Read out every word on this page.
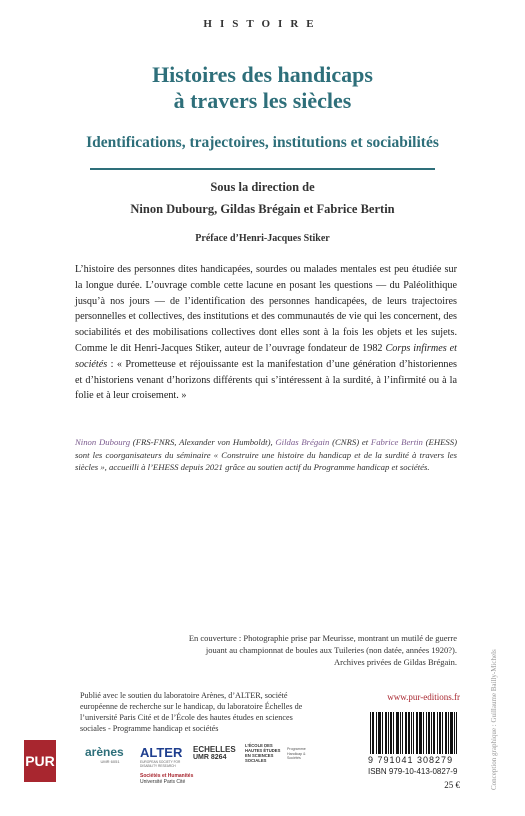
HISTOIRE
Histoires des handicaps
à travers les siècles
Identifications, trajectoires, institutions et sociabilités
Sous la direction de
Ninon Dubourg, Gildas Brégain et Fabrice Bertin
Préface d’Henri-Jacques Stiker
L’histoire des personnes dites handicapées, sourdes ou malades mentales est peu étudiée sur la longue durée. L’ouvrage comble cette lacune en posant les questions — du Paléolithique jusqu’à nos jours — de l’identification des personnes handicapées, de leurs trajectoires personnelles et collectives, des institutions et des communautés de vie qui les concernent, des sociabilités et des mobilisations collectives dont elles sont à la fois les objets et les sujets. Comme le dit Henri-Jacques Stiker, auteur de l’ouvrage fondateur de 1982 Corps infirmes et sociétés : « Prometteuse et réjouissante est la manifestation d’une génération d’historiennes et d’historiens venant d’horizons différents qui s’intéressent à la surdité, à l’infirmité ou à la folie et à leur croisement. »
Ninon Dubourg (FRS-FNRS, Alexander von Humboldt), Gildas Brégain (CNRS) et Fabrice Bertin (EHESS) sont les coorganisateurs du séminaire « Construire une histoire du handicap et de la surdité à travers les siècles », accueilli à l’EHESS depuis 2021 grâce au soutien actif du Programme handicap et sociétés.
Conception graphique : Guillaume Bailly-Michels
En couverture : Photographie prise par Meurisse, montrant un mutilé de guerre
jouant au championnat de boules aux Tuileries (non datée, années 1920?).
Archives privées de Gildas Brégain.
Publié avec le soutien du laboratoire Arènes, d’ALTER, société européenne de recherche sur le handicap, du laboratoire Échelles de l’université Paris Cité et de l’École des hautes études en sciences sociales - Programme handicap et sociétés
PUR
arènes
UMR 6051
ALTER
EUROPEAN SOCIETY FOR DISABILITY RESEARCH
ECHELLES
UMR 8264
L’ÉCOLE DES HAUTES ÉTUDES EN SCIENCES SOCIALES
Programme Handicap & Sociétés
Sociétés et Humanités
Université Paris Cité
www.pur-editions.fr
9 791041 308279
ISBN 979-10-413-0827-9
25 €
